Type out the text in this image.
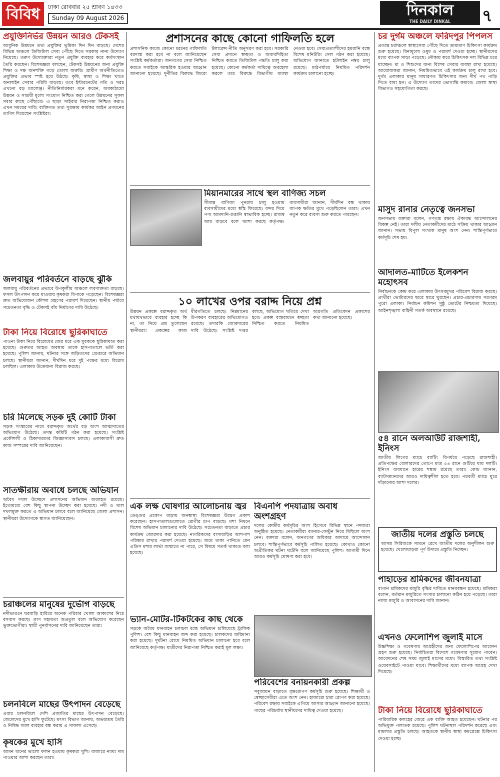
বিবিধ	ঢাকা রোববার ২৫ শ্রাবণ ১৪৩৩
Sunday 09 August 2026	দিনকাল
THE DAILY DINKAL	৭
প্রযুক্তিনির্ভর উন্নয়ন আরও টেকসই
আধুনিক উন্নয়নে তথ্য প্রযুক্তির ভূমিকা দিন দিন বাড়ছে। দেশের বিভিন্ন অঞ্চলে ডিজিটাল সেবা পৌঁছে দিতে সরকার নানা উদ্যোগ নিয়েছে। তরুণ উদ্যোক্তারা নতুন প্রযুক্তি ব্যবহার করে কর্মসংস্থান তৈরি করছেন। বিশেষজ্ঞরা বলছেন, টেকসই উন্নয়নের জন্য প্রযুক্তি শিক্ষা ও দক্ষ জনশক্তি গড়ে তোলা জরুরি। গ্রামীণ অর্থনীতিতেও প্রযুক্তির প্রভাব স্পষ্ট হয়ে উঠছে। কৃষি, স্বাস্থ্য ও শিক্ষা খাতে অনলাইন সেবার পরিধি বাড়ছে। তবে ইন্টারনেটের গতি ও খরচ এখনো বড় চ্যালেঞ্জ। নীতিনির্ধারকরা মনে করেন, অবকাঠামো উন্নয়ন ও সাশ্রয়ী মূল্যে সংযোগ নিশ্চিত করা গেলে উন্নয়নের সুফল সবার কাছে পৌঁছাবে। এ ছাড়া সাইবার নিরাপত্তা নিশ্চিত করাও এখন সময়ের দাবি। ব্যক্তিগত তথ্য সুরক্ষায় কার্যকর আইন প্রণয়নের তাগিদ দিয়েছেন সংশ্লিষ্টরা।
জলবায়ুর পরিবর্তনে বাড়ছে ঝুঁকি
জলবায়ু পরিবর্তনের প্রভাবে উপকূলীয় অঞ্চলে লবণাক্ততা বাড়ছে। ফসল উৎপাদন কমে যাওয়ায় কৃষকরা বিপাকে পড়েছেন। বিশেষজ্ঞরা দ্রুত অভিযোজন কৌশল গ্রহণের পরামর্শ দিয়েছেন। স্থানীয় পর্যায়ে সচেতনতা বৃদ্ধি ও টেকসই বাঁধ নির্মাণের দাবি উঠেছে।
টাকা নিয়ে বিরোধে ছুরিকাঘাতে
পাওনা টাকা নিয়ে বিরোধের জের ধরে এক যুবককে ছুরিকাঘাত করা হয়েছে। গুরুতর আহত অবস্থায় তাকে হাসপাতালে ভর্তি করা হয়েছে। পুলিশ জানায়, ঘটনার সঙ্গে জড়িতদের গ্রেপ্তারে অভিযান চলছে। স্থানীয়রা জানান, দীর্ঘদিন ধরে দুই পক্ষের মধ্যে বিরোধ চলছিল। এলাকায় উত্তেজনা বিরাজ করছে।
চরি মিলেছে সড়ক দুই কোটি টাকা
সড়ক সংস্কারের নামে বরাদ্দকৃত অর্থের বড় অংশ আত্মসাতের অভিযোগ উঠেছে। তদন্ত কমিটি গঠন করা হয়েছে। সংশ্লিষ্ট প্রকৌশলী ও ঠিকাদারদের জিজ্ঞাসাবাদ চলছে। এলাকাবাসী দ্রুত কাজ সম্পন্নের দাবি জানিয়েছেন।
সাতক্ষীরায় অবাধে চলছে অভিযান
অবৈধ দখল উচ্ছেদে প্রশাসনের অভিযান অব্যাহত রয়েছে। ইতোমধ্যে বেশ কিছু স্থাপনা উচ্ছেদ করা হয়েছে। নদী ও খাল দখলমুক্ত করতে এ অভিযান চলবে বলে জানিয়েছে জেলা প্রশাসন। স্থানীয়রা উদ্যোগকে স্বাগত জানিয়েছেন।
চরাঞ্চলের মানুষের দুর্ভোগ বাড়ছে
নদীভাঙনে ঘরবাড়ি হারিয়ে অনেক পরিবার খোলা আকাশের নিচে বসবাস করছে। ত্রাণ সহায়তা অপ্রতুল বলে অভিযোগ করেছেন ভুক্তভোগীরা। স্থায়ী পুনর্বাসনের দাবি জানিয়েছেন তারা।
প্রশাসনের কাছে কোনো গাফিলতি হলে
প্রশাসনিক কাজে কোনো ধরনের গাফিলতি বরদাস্ত করা হবে না বলে জানিয়েছেন সংশ্লিষ্ট কর্মকর্তারা। জনগণের সেবা নিশ্চিত করতে সবাইকে আন্তরিক হওয়ার আহ্বান জানানো হয়েছে। দুর্নীতির বিরুদ্ধে জিরো টলারেন্স নীতি অনুসরণ করা হবে। সরকারি সেবা প্রদানে স্বচ্ছতা ও জবাবদিহিতা নিশ্চিত করতে ডিজিটাল পদ্ধতি চালু করা হয়েছে। কোনো কর্মকর্তা দায়িত্বে অবহেলা করলে তার বিরুদ্ধে বিভাগীয় ব্যবস্থা নেওয়া হবে। সেবাপ্রত্যাশীদের হয়রানি বন্ধে বিশেষ মনিটরিং সেল গঠন করা হয়েছে। অভিযোগ জানাতে হটলাইন নম্বর চালু রয়েছে। মাঠপর্যায়ে নিয়মিত পরিদর্শন কার্যক্রম চালানো হচ্ছে।
মিয়ানমারের সাথে স্থল বাণিজ্য সচল
সীমান্ত বাণিজ্য পুনরায় চালু হওয়ায় ব্যবসায়ীদের মধ্যে স্বস্তি ফিরেছে। বন্দর দিয়ে পণ্য আমদানি-রপ্তানি স্বাভাবিক হচ্ছে। রাজস্ব আয় বাড়বে বলে আশা করছে কর্তৃপক্ষ। ব্যবসায়ীরা জানান, দীর্ঘদিন বন্ধ থাকায় ব্যাপক ক্ষতির মুখে পড়েছিলেন তারা। এখন নতুন করে ব্যবসা শুরু করতে পারছেন।
১০ লাখের ওপর বরাদ্দ নিয়ে প্রশ্ন
উন্নয়ন প্রকল্পে বরাদ্দকৃত অর্থ যথাযথভাবে ব্যবহার হচ্ছে কি না, তা নিয়ে প্রশ্ন তুলেছেন স্থানীয়রা। প্রকল্পের কাজ ধীরগতিতে চলছে। নিম্নমানের উপকরণ ব্যবহারের অভিযোগও রয়েছে। তদারকি জোরদারের দাবি উঠেছে। সংশ্লিষ্ট দপ্তর বলছে, অভিযোগ খতিয়ে দেখা হবে। প্রকল্প বাস্তবায়নে স্বচ্ছতা নিশ্চিত করতে নিয়মিত অগ্রগতি প্রতিবেদন প্রকাশের কথা জানানো হয়েছে।
এক লক্ষ ঘোষণার আলোচনায় জ্বর
ডেঙ্গুর প্রকোপ বাড়ায় জনস্বাস্থ্য বিশেষজ্ঞরা উদ্বেগ প্রকাশ করেছেন। হাসপাতালগুলোতে রোগীর চাপ বাড়ছে। মশা নিধনে বিশেষ অভিযান চালানোর দাবি উঠেছে। সচেতনতা বাড়াতে প্রচার কার্যক্রম জোরদার করা হয়েছে। নাগরিকদের বাসাবাড়ির আশপাশ পরিষ্কার রাখার পরামর্শ দেওয়া হয়েছে। জমে থাকা পানিতে যেন এডিস মশার লার্ভা জন্মাতে না পারে, সে বিষয়ে সতর্ক থাকতে বলা হয়েছে।
ভ্যান-মোটর-টিকটকের কাছ থেকে
সড়কে অবৈধ যানবাহন চলাচল বন্ধে অভিযান চালিয়েছে ট্রাফিক পুলিশ। বেশ কিছু যানবাহন জব্দ করা হয়েছে। চালকদের জরিমানা করা হয়েছে। দুর্ঘটনা রোধে নিয়মিত অভিযান চালানো হবে বলে জানিয়েছে কর্তৃপক্ষ। যাত্রীদের নিরাপত্তা নিশ্চিত করাই মূল লক্ষ্য।
বিএনপি পদযাত্রায় অবাধ অংশগ্রহণ
দলের কেন্দ্রীয় কর্মসূচির অংশ হিসেবে বিভিন্ন স্থানে পদযাত্রা অনুষ্ঠিত হয়েছে। নেতাকর্মীরা ব্যানার-ফেস্টুন নিয়ে মিছিলে অংশ নেন। বক্তারা বলেন, জনগণের অধিকার আদায়ে আন্দোলন চলবে। শান্তিপূর্ণভাবে কর্মসূচি পালিত হয়েছে। কোথাও কোনো অপ্রীতিকর ঘটনা ঘটেনি বলে জানিয়েছে পুলিশ। আগামী দিনে আরও কর্মসূচি ঘোষণা করা হবে।
পরিবেশের বনায়নকারী প্রকল্প
সবুজায়ন বাড়াতে বৃক্ষরোপণ কর্মসূচি শুরু হয়েছে। শিক্ষার্থী ও স্বেচ্ছাসেবীরা এতে অংশ নেন। হাজারো চারা রোপণ করা হয়েছে। পরিবেশ রক্ষায় সবাইকে এগিয়ে আসার আহ্বান জানানো হয়েছে। গাছের পরিচর্যায় স্থানীয়দের দায়িত্ব দেওয়া হয়েছে।
চর দুর্গম অঞ্চলে ফরিদপুর পিপলস
প্রত্যন্ত চরাঞ্চলে স্বাস্থ্যসেবা পৌঁছে দিতে ভ্রাম্যমাণ চিকিৎসা কার্যক্রম শুরু হয়েছে। বিনামূল্যে ওষুধ ও পরামর্শ দেওয়া হচ্ছে। স্থানীয়দের মধ্যে ব্যাপক সাড়া পড়েছে। নৌকায় করে চিকিৎসক দল বিভিন্ন চরে যাচ্ছেন। মা ও শিশুদের জন্য বিশেষ সেবার ব্যবস্থা রাখা হয়েছে। আয়োজকরা জানান, নিয়মিতভাবে এই কার্যক্রম চালু রাখা হবে। দুর্গম এলাকার মানুষ সাধারণত চিকিৎসার জন্য দীর্ঘ পথ পাড়ি দিতে বাধ্য হন। এ উদ্যোগ তাদের ভোগান্তি কমাবে। জেলা স্বাস্থ্য বিভাগও সহযোগিতা করছে।
মাসুদ রানার নেতৃত্বে জনসভা
জনসভায় বক্তারা বলেন, গণতন্ত্র রক্ষায় ঐক্যবদ্ধ আন্দোলনের বিকল্প নেই। তারা দলীয় নেতাকর্মীদের মাঠে সক্রিয় থাকার আহ্বান জানান। সভায় বিপুল সংখ্যক মানুষ অংশ নেন। শান্তিপূর্ণভাবে কর্মসূচি শেষ হয়।
আদালত-মাটিতে ইলেকশন মহোৎসব
নির্বাচনকে কেন্দ্র করে এলাকায় উৎসবমুখর পরিবেশ বিরাজ করছে। প্রার্থীরা ভোটারদের দ্বারে দ্বারে ঘুরছেন। প্রচার-প্রচারণায় সরগরম পুরো এলাকা। নির্বাচন কমিশন সুষ্ঠু ভোটের নিশ্চয়তা দিয়েছে। আইনশৃঙ্খলা বাহিনী সতর্ক অবস্থানে রয়েছে।
৫৪ রানে অলআউট রাজশাহী, ইনিংস
জাতীয় লিগের ম্যাচে ব্যাটিং বিপর্যয়ে পড়েছে রাজশাহী। প্রতিপক্ষের বোলারদের তোপে মাত্র ৫৪ রানে গুটিয়ে যায় দলটি। ইনিংস ব্যবধানে হারের শঙ্কায় রয়েছে তারা। কোচ জানান, ব্যাটসম্যানদের আরও দায়িত্বশীল হতে হবে। পরবর্তী ম্যাচে ঘুরে দাঁড়ানোর আশা দলের।
জাতীয় দলের প্রস্তুতি চলছে
আসন্ন সিরিজকে সামনে রেখে জাতীয় দলের অনুশীলন শুরু হয়েছে। খেলোয়াড়রা পূর্ণ উদ্যমে প্রস্তুতি নিচ্ছেন।
পাহাড়ের শ্রমিকদের জীবনযাত্রা
বাগান শ্রমিকদের মজুরি বৃদ্ধির দাবিতে মানববন্ধন হয়েছে। শ্রমিকরা বলেন, বর্তমান মজুরিতে সংসার চালানো কঠিন হয়ে পড়েছে। তারা ন্যায্য মজুরি ও আবাসনের দাবি জানান।
এখনও ফেলোশিপ জুলাই মাসে
উচ্চশিক্ষা ও গবেষণায় আগ্রহীদের জন্য ফেলোশিপের আবেদন গ্রহণ শুরু হয়েছে। নির্বাচিতরা বিদেশে গবেষণার সুযোগ পাবেন। আবেদনের শেষ সময় জুলাই মাসের মধ্যে। বিস্তারিত তথ্য সংশ্লিষ্ট ওয়েবসাইটে পাওয়া যাবে। শিক্ষার্থীদের মধ্যে ব্যাপক আগ্রহ দেখা দিয়েছে।
টাকা নিয়ে বিরোধে ছুরিকাঘাতে
পারিবারিক কলহের জেরে এক ব্যক্তি আহত হয়েছেন। ঘটনার পর অভিযুক্ত পলাতক রয়েছে। পুলিশ ঘটনাস্থল পরিদর্শন করেছে এবং মামলার প্রস্তুতি চলছে। আহতকে স্থানীয় স্বাস্থ্য কমপ্লেক্সে চিকিৎসা দেওয়া হচ্ছে।
চলনবিলে মাছের উৎপাদন বেড়েছে
এবার চলনবিলে দেশি প্রজাতির মাছের উৎপাদন বেড়েছে। জেলেদের মুখে হাসি ফুটেছে। মৎস্য বিভাগ জানায়, অভয়াশ্রম তৈরি ও নিষিদ্ধ জাল ব্যবহার বন্ধ করায় এ সাফল্য এসেছে।
কৃষকের মুখে হাসি
আমন ধানের ভালো ফলন হওয়ায় কৃষকরা খুশি। বাজারে ন্যায্য দাম পাওয়ার আশা করছেন তারা।
